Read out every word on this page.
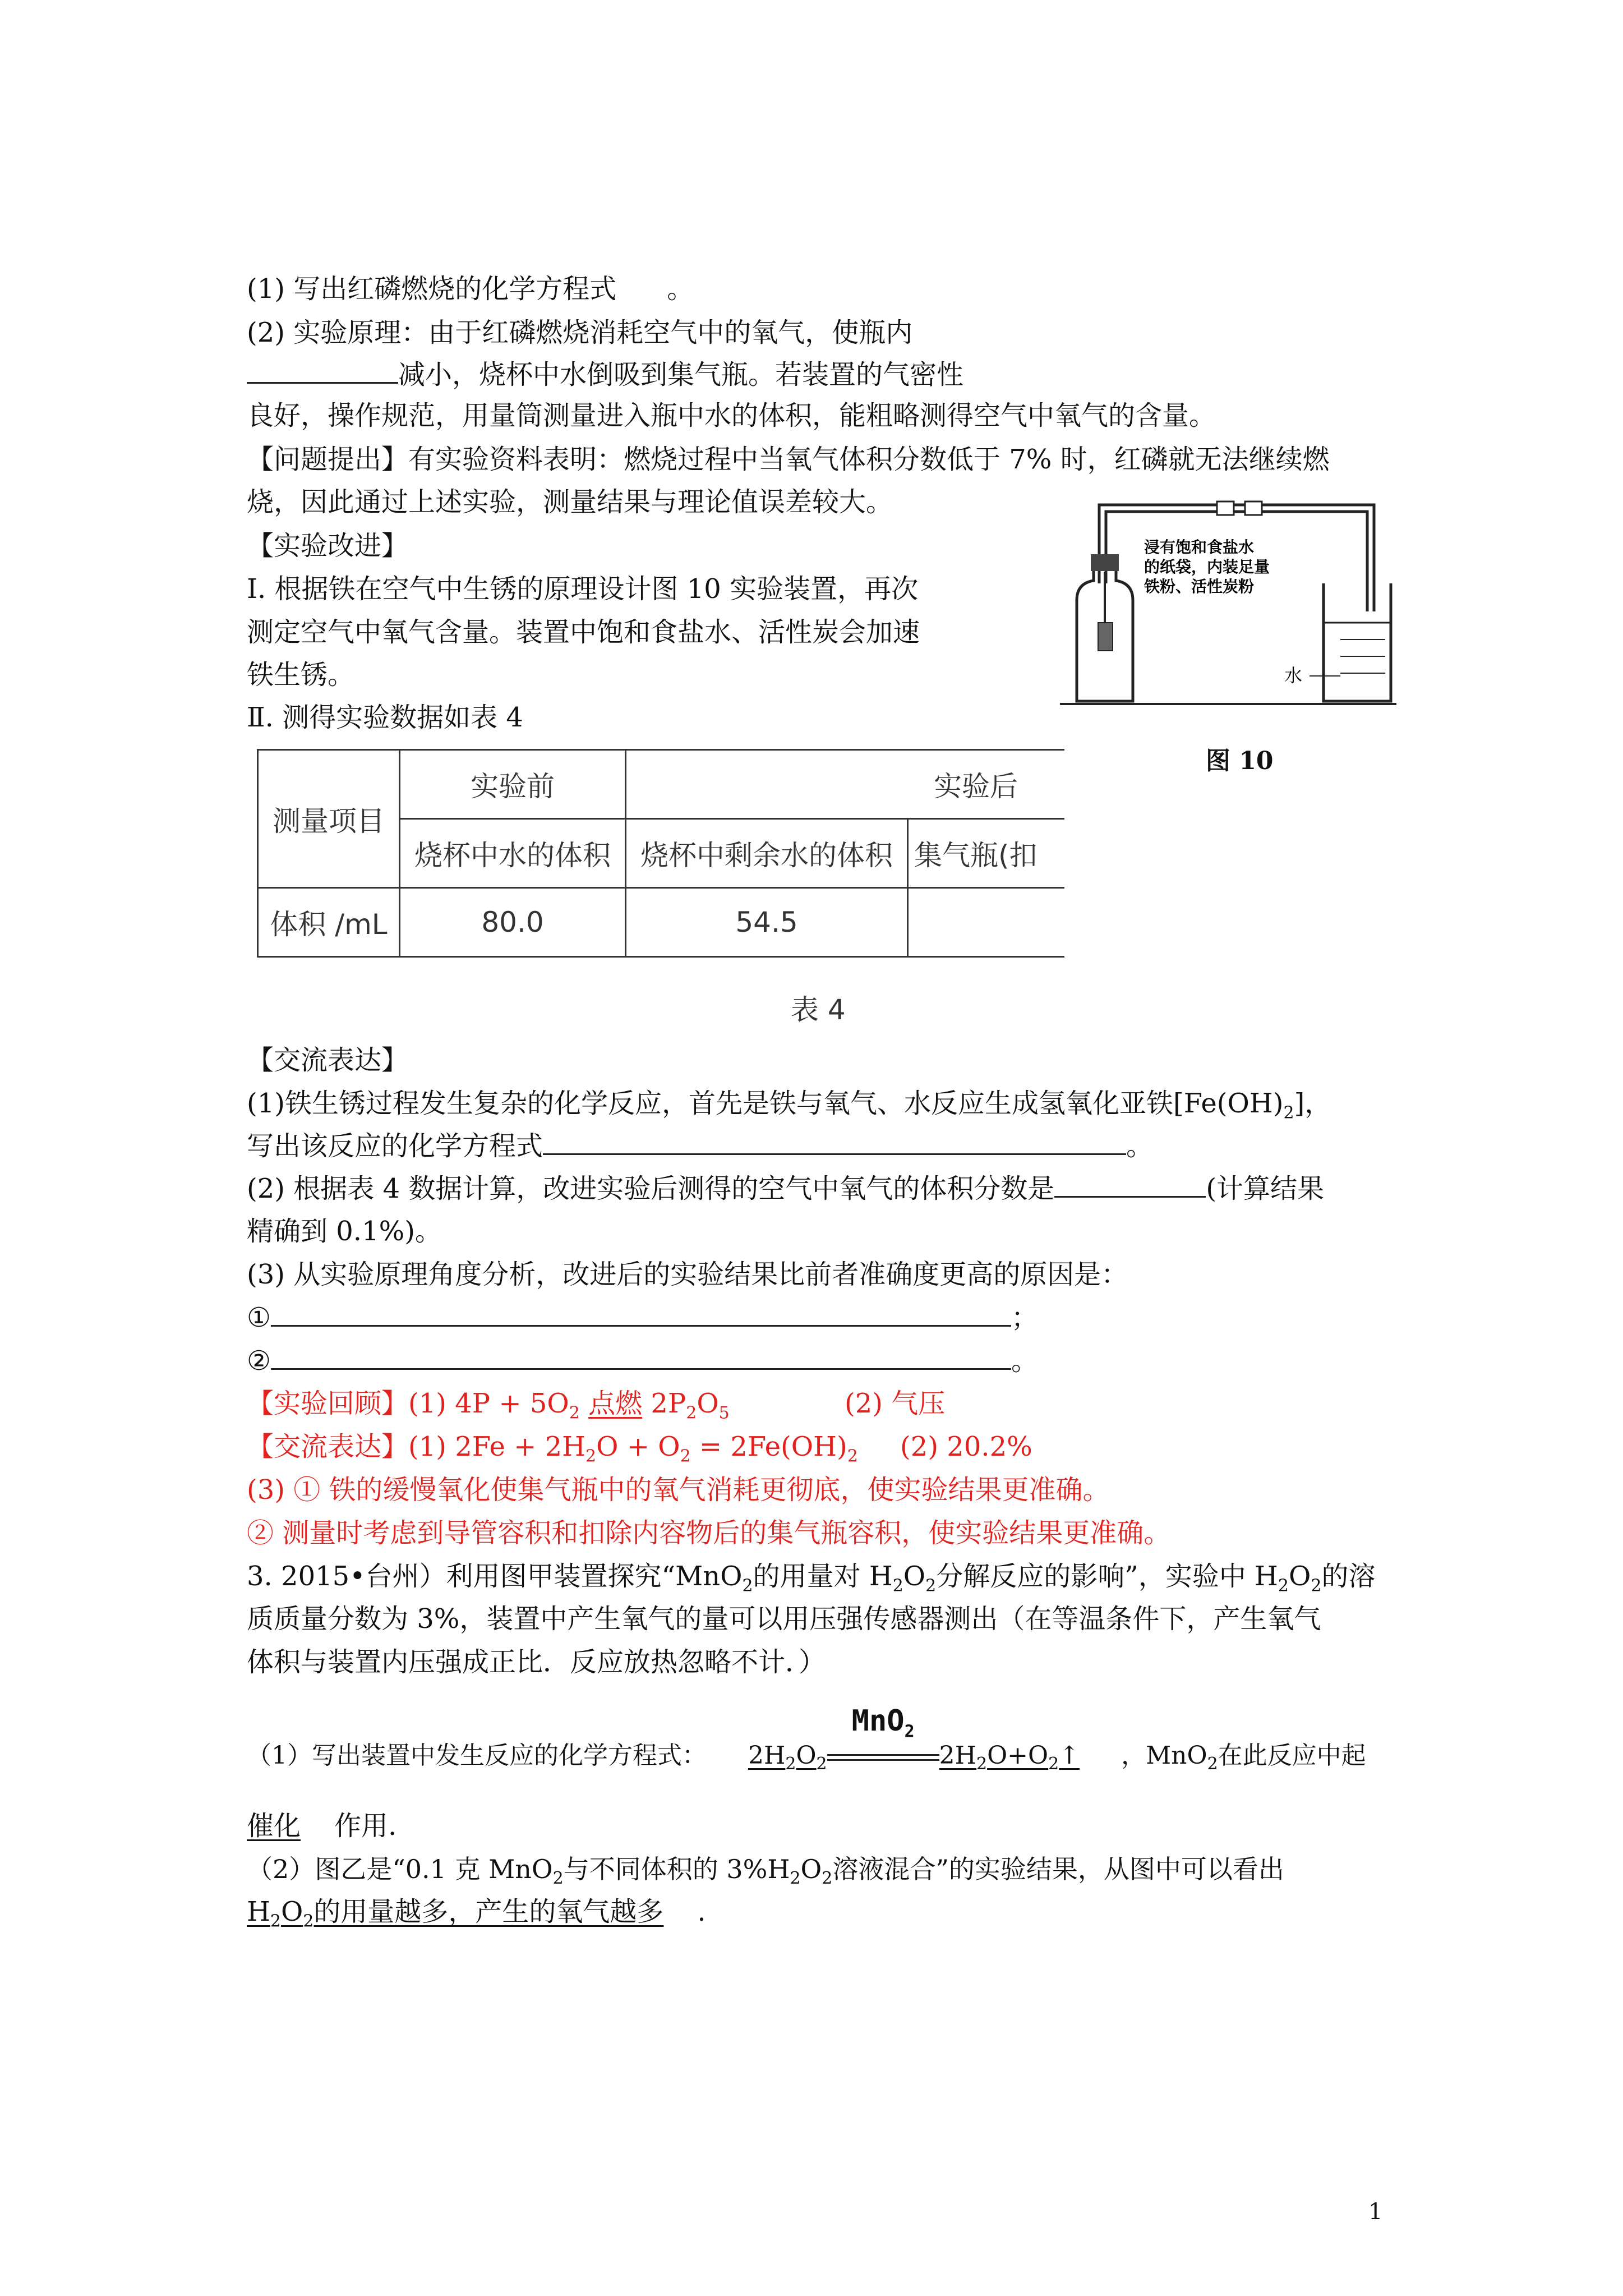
(1) 写出红磷燃烧的化学方程式 。
(2) 实验原理：由于红磷燃烧消耗空气中的氧气，使瓶内
减小，烧杯中水倒吸到集气瓶。若装置的气密性
良好，操作规范，用量筒测量进入瓶中水的体积，能粗略测得空气中氧气的含量。
【问题提出】有实验资料表明：燃烧过程中当氧气体积分数低于 7% 时，红磷就无法继续燃
烧，因此通过上述实验，测量结果与理论值误差较大。
【实验改进】
Ⅰ. 根据铁在空气中生锈的原理设计图 10 实验装置，再次
测定空气中氧气含量。装置中饱和食盐水、活性炭会加速
铁生锈。
Ⅱ. 测得实验数据如表 4
浸有饱和食盐水
的纸袋，内装足量
铁粉、活性炭粉
水
图 10
测量项目	实验前	实验后	
	烧杯中水的体积	烧杯中剩余水的体积	集气瓶(扣
体积 /mL	80.0	54.5	
表 4
【交流表达】
(1)铁生锈过程发生复杂的化学反应，首先是铁与氧气、水反应生成氢氧化亚铁$[Fe(OH)_2]$，
写出该反应的化学方程式	。
(2) 根据表 4 数据计算，改进实验后测得的空气中氧气的体积分数是	(计算结果
精确到 0.1%)。
(3) 从实验原理角度分析，改进后的实验结果比前者准确度更高的原因是：
①	；
②	。
【实验回顾】(1) $4P + 5O_2$ 点燃 $2P_2O_5$	(2) 气压
【交流表达】(1) $2Fe + 2H_2O + O_2 = 2Fe(OH)_2$ (2) 20.2%
(3) ① 铁的缓慢氧化使集气瓶中的氧气消耗更彻底，使实验结果更准确。
② 测量时考虑到导管容积和扣除内容物后的集气瓶容积，使实验结果更准确。
3. 2015•台州）利用图甲装置探究“MnO$_2$的用量对 $H_2O_2$分解反应的影响”，实验中 $H_2O_2$的溶
质质量分数为 3%，装置中产生氧气的量可以用压强传感器测出（在等温条件下，产生氧气
体积与装置内压强成正比．反应放热忽略不计．）
（1）写出装置中发生反应的化学方程式： $2H_2O_2$
MnO$_2$
$2H_2O+O_2↑$ ，MnO$_2$在此反应中起
催化 作用.
（2）图乙是“0.1 克 MnO$_2$与不同体积的 $3\%H_2O_2$溶液混合”的实验结果，从图中可以看出
$H_2O_2$的用量越多，产生的氧气越多 .
1
